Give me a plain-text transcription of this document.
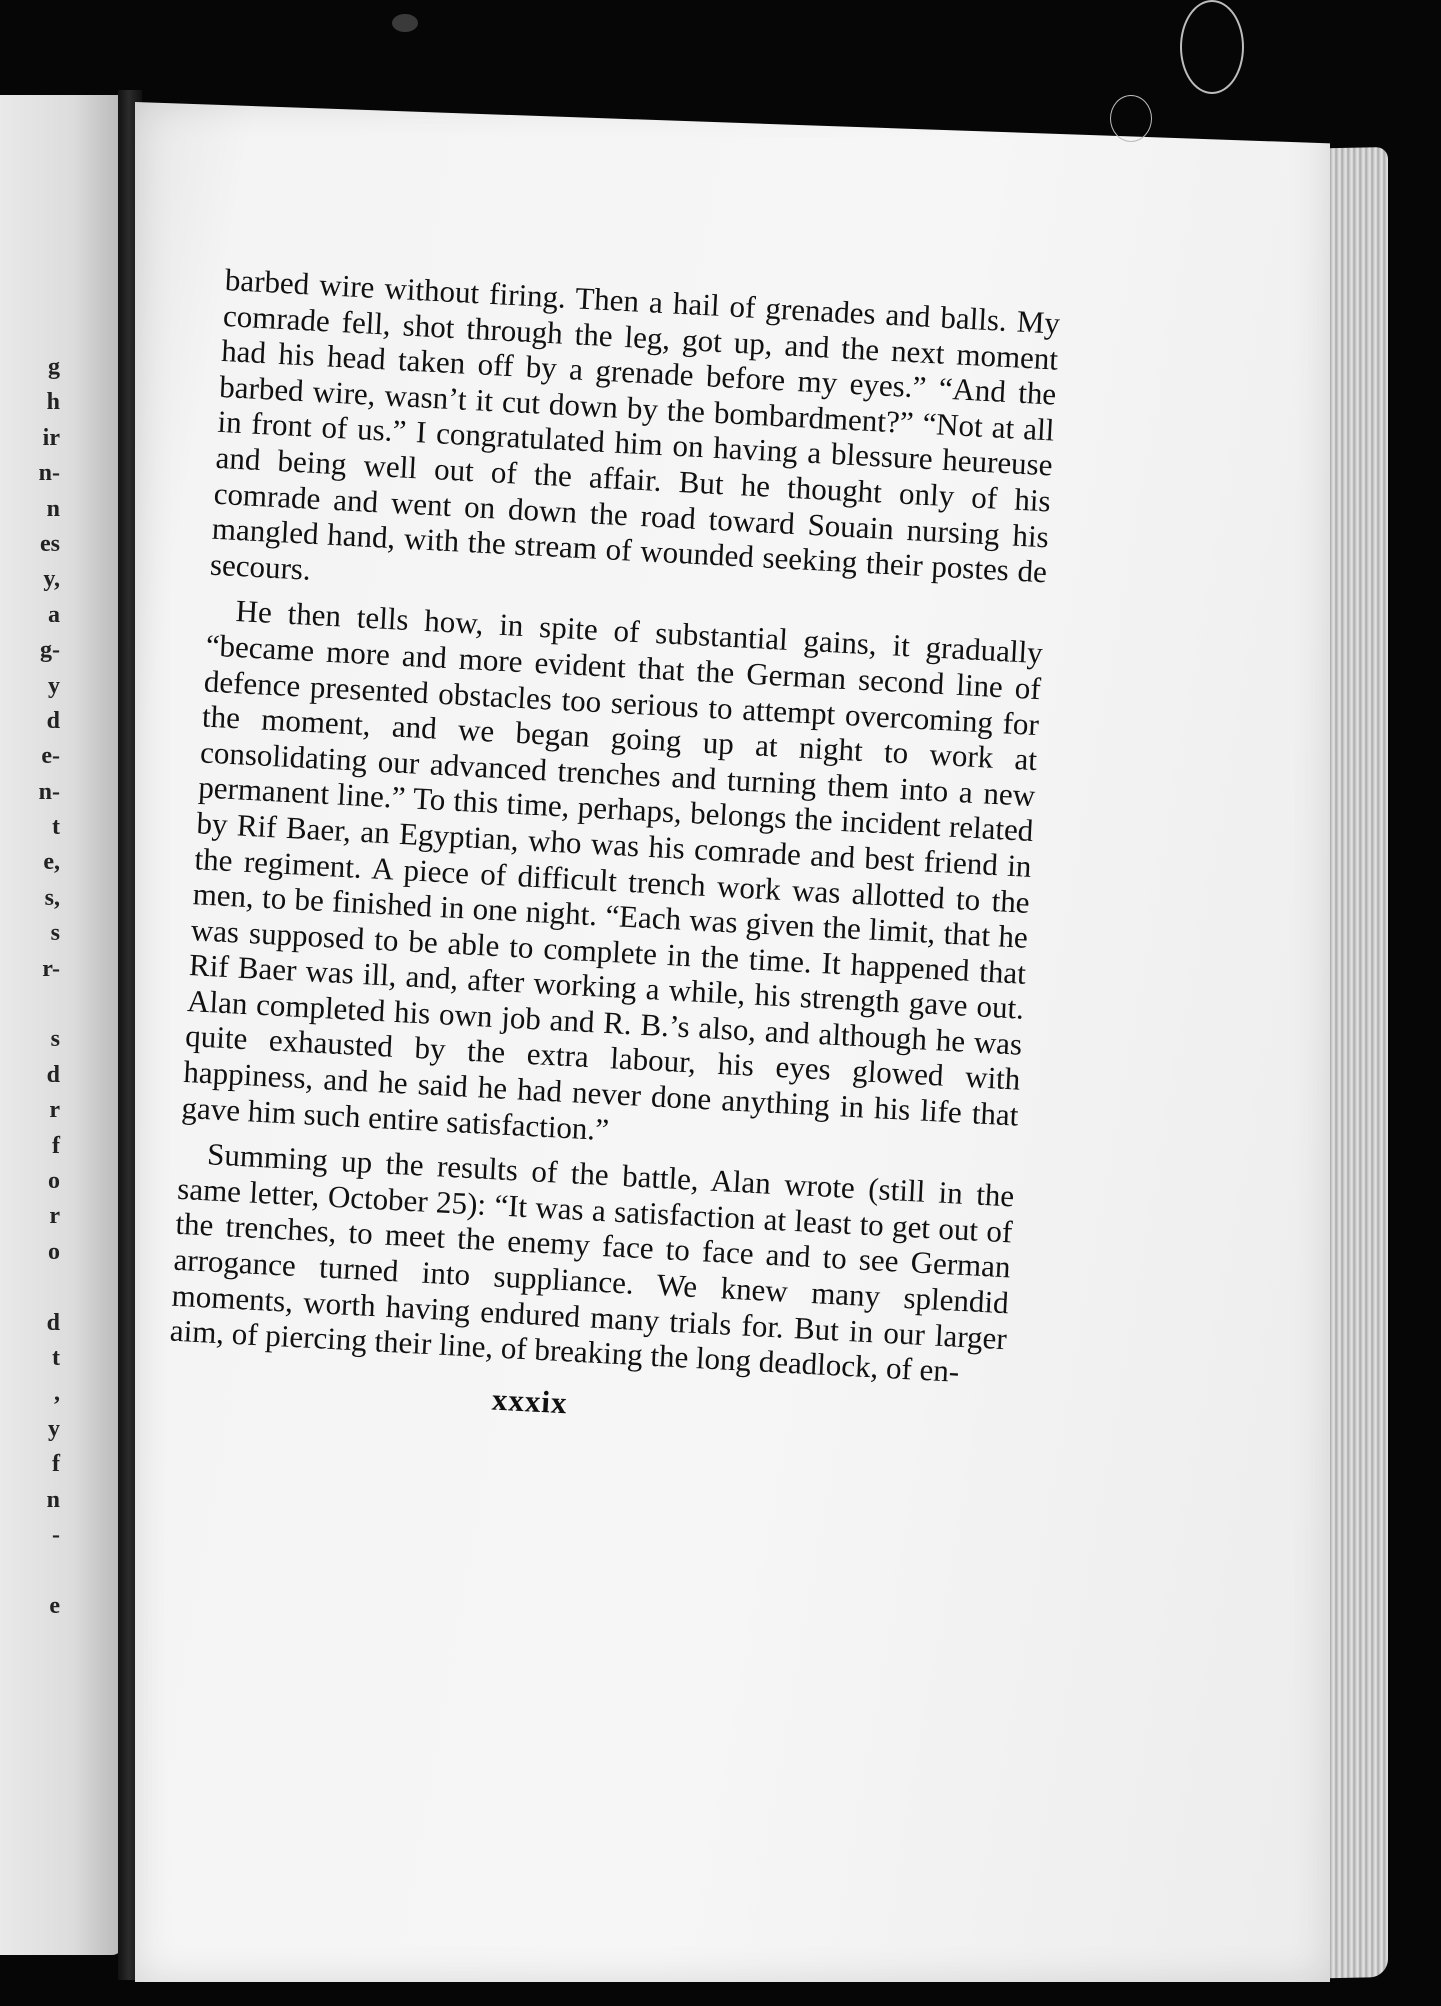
g
h
ir
n-
n
es
y,
a
g-
y
d
e-
n-
t
e,
s,
s
r-
s
d
r
f
o
r
o
d
t
,
y
f
n
-
e

barbed wire without firing. Then a hail of grenades and balls. My comrade fell, shot through the leg, got up, and the next moment had his head taken off by a grenade before my eyes.” “And the barbed wire, wasn’t it cut down by the bombardment?” “Not at all in front of us.” I congratulated him on having a blessure heureuse and being well out of the affair. But he thought only of his comrade and went on down the road toward Souain nursing his mangled hand, with the stream of wounded seeking their postes de secours.

He then tells how, in spite of substantial gains, it gradually “became more and more evident that the German second line of defence presented obstacles too serious to attempt overcoming for the moment, and we began going up at night to work at consolidating our advanced trenches and turning them into a new permanent line.” To this time, perhaps, belongs the incident related by Rif Baer, an Egyptian, who was his comrade and best friend in the regiment. A piece of difficult trench work was allotted to the men, to be finished in one night. “Each was given the limit, that he was supposed to be able to complete in the time. It happened that Rif Baer was ill, and, after working a while, his strength gave out. Alan completed his own job and R. B.’s also, and although he was quite exhausted by the extra labour, his eyes glowed with happiness, and he said he had never done anything in his life that gave him such entire satisfaction.”

Summing up the results of the battle, Alan wrote (still in the same letter, October 25): “It was a satisfaction at least to get out of the trenches, to meet the enemy face to face and to see German arrogance turned into suppliance. We knew many splendid moments, worth having endured many trials for. But in our larger aim, of piercing their line, of breaking the long deadlock, of en-

xxxix
